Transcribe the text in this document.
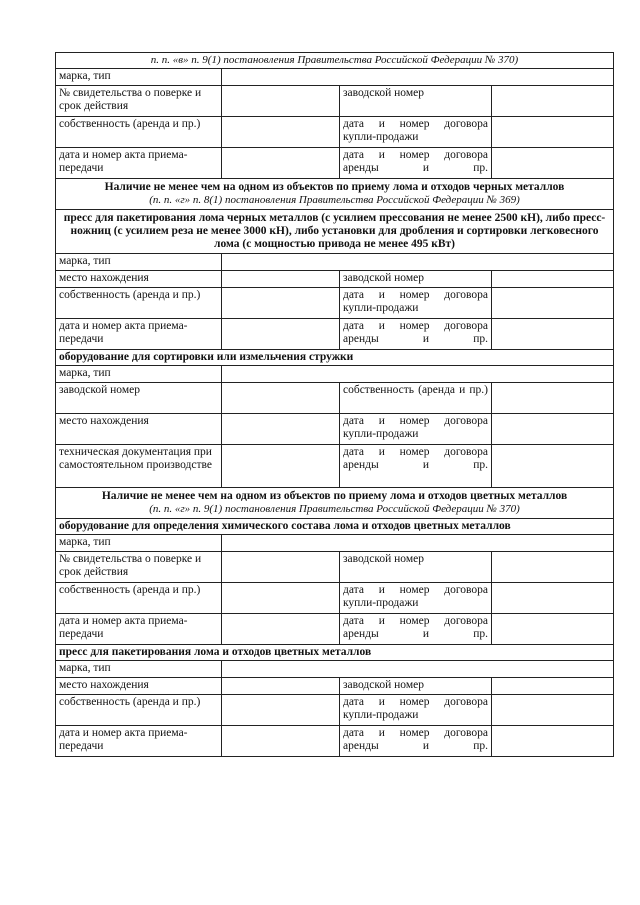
п. п. «в» п. 9(1) постановления Правительства Российской Федерации № 370)			
марка, тип			
№ свидетельства о поверке и срок действия		заводской номер	
собственность (аренда и пр.)		дата и номер договора купли-продажи	
дата и номер акта приема-передачи		дата и номер договора аренды и пр.	
Наличие не менее чем на одном из объектов по приему лома и отходов черных металлов
(п. п. «г» п. 8(1) постановления Правительства Российской Федерации № 369)			

пресс для пакетирования лома черных металлов (с усилием прессования не менее 2500 кН), либо пресс-ножниц (с усилием реза не менее 3000 кН), либо установки для дробления и сортировки легковесного лома (с мощностью привода не менее 495 кВт)			
марка, тип			
место нахождения		заводской номер	
собственность (аренда и пр.)		дата и номер договора купли-продажи	
дата и номер акта приема-передачи		дата и номер договора аренды и пр.	
оборудование для сортировки или измельчения стружки			
марка, тип			
заводской номер		собственность (аренда и пр.)	
место нахождения		дата и номер договора купли-продажи	
техническая документация при самостоятельном производстве		дата и номер договора аренды и пр.	
Наличие не менее чем на одном из объектов по приему лома и отходов цветных металлов
(п. п. «г» п. 9(1) постановления Правительства Российской Федерации № 370)			

оборудование для определения химического состава лома и отходов цветных металлов			
марка, тип			
№ свидетельства о поверке и срок действия		заводской номер	
собственность (аренда и пр.)		дата и номер договора купли-продажи	
дата и номер акта приема-передачи		дата и номер договора аренды и пр.	
пресс для пакетирования лома и отходов цветных металлов			
марка, тип			
место нахождения		заводской номер	
собственность (аренда и пр.)		дата и номер договора купли-продажи	
дата и номер акта приема-передачи		дата и номер договора аренды и пр.	
